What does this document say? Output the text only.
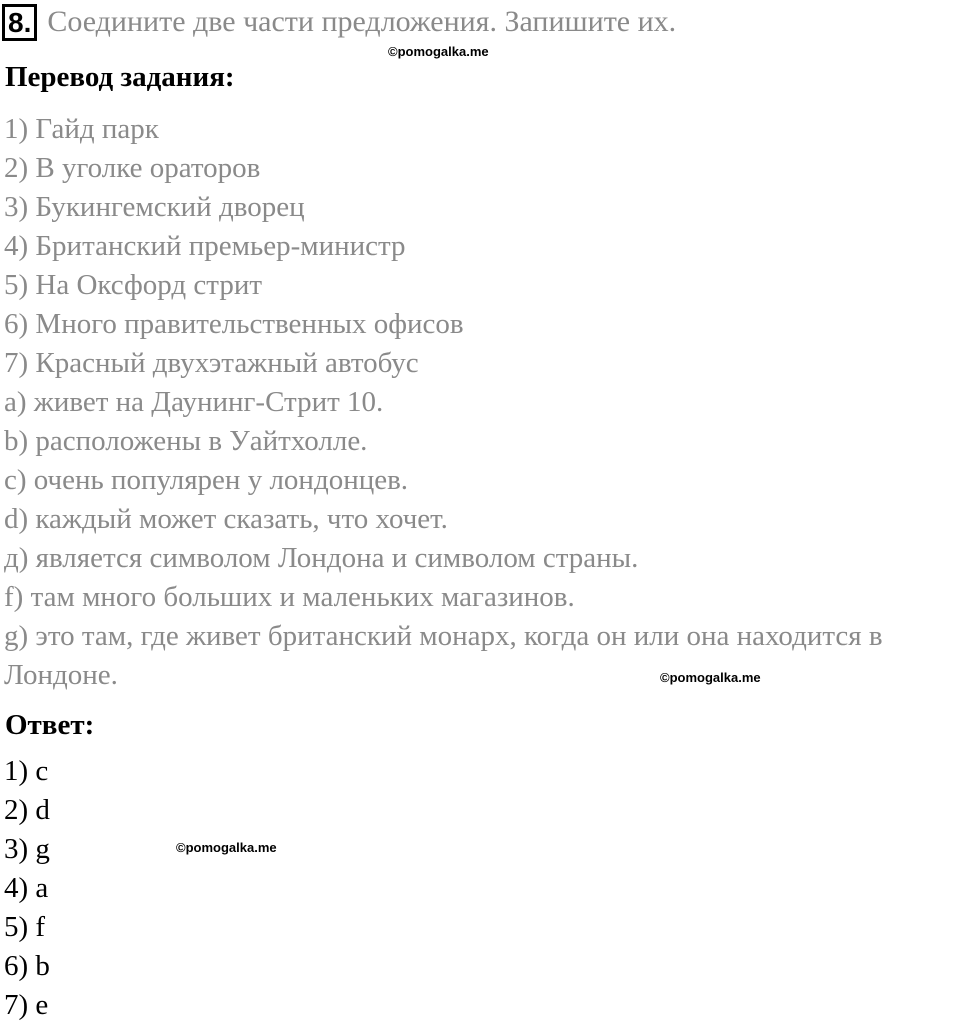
8. Соедините две части предложения. Запишите их.
©pomogalka.me
Перевод задания:
1) Гайд парк
2) В уголке ораторов
3) Букингемский дворец
4) Британский премьер-министр
5) На Оксфорд стрит
6) Много правительственных офисов
7) Красный двухэтажный автобус
a) живет на Даунинг-Стрит 10.
b) расположены в Уайтхолле.
c) очень популярен у лондонцев.
d) каждый может сказать, что хочет.
д) является символом Лондона и символом страны.
f) там много больших и маленьких магазинов.
g) это там, где живет британский монарх, когда он или она находится в
Лондоне.	©pomogalka.me
Ответ:
1) c
2) d
3) g
4) a
5) f
6) b
7) e
©pomogalka.me
